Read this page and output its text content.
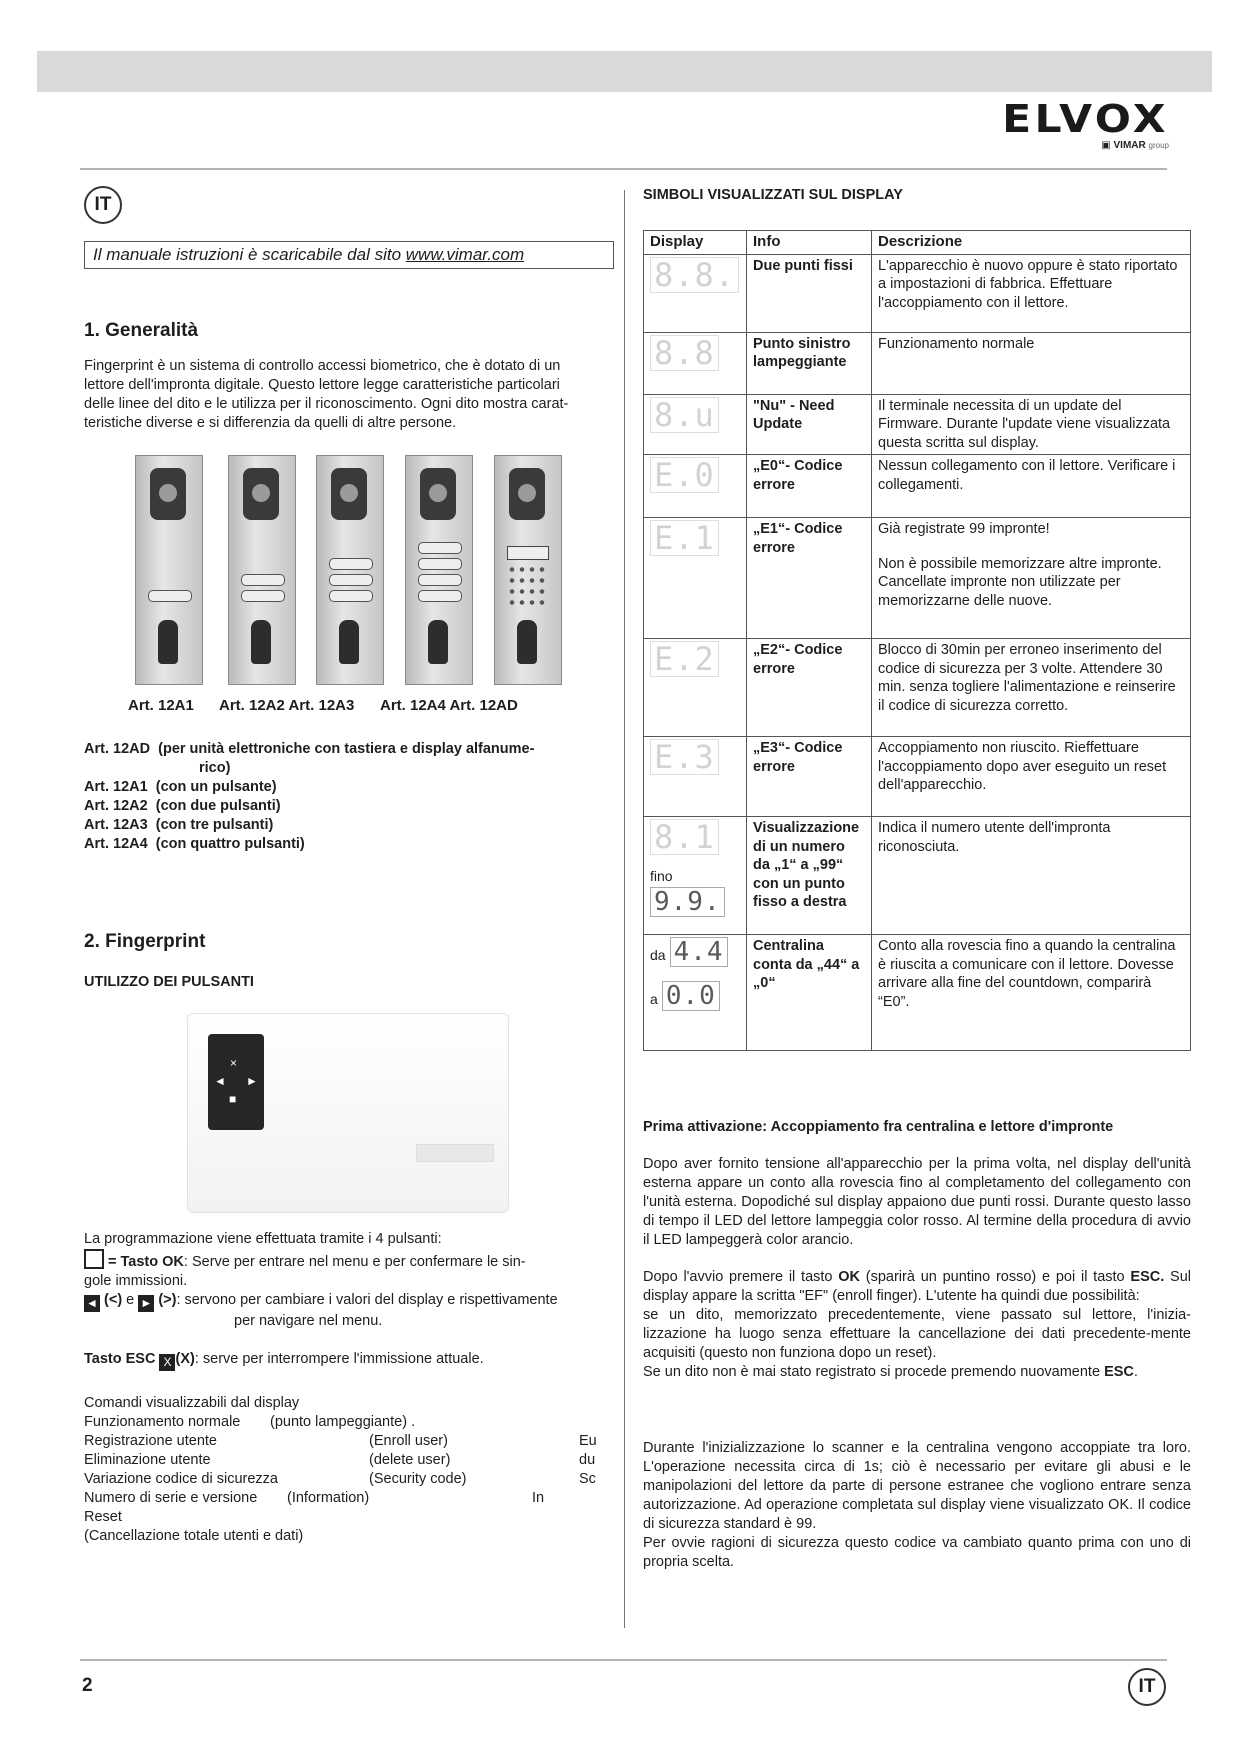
ELVOX
▣ VIMAR group
IT
Il manuale istruzioni è scaricabile dal sito www.vimar.com
1. Generalità
Fingerprint è un sistema di controllo accessi biometrico, che è dotato di un
lettore dell'impronta digitale. Questo lettore legge caratteristiche particolari
delle linee del dito e le utilizza per il riconoscimento. Ogni dito mostra carat-
teristiche diverse e si differenzia da quelli di altre persone.
Art. 12A1 Art. 12A2 Art. 12A3 Art. 12A4 Art. 12AD
Art. 12AD (per unità elettroniche con tastiera e display alfanume-
rico)
Art. 12A1 (con un pulsante)
Art. 12A2 (con due pulsanti)
Art. 12A3 (con tre pulsanti)
Art. 12A4 (con quattro pulsanti)
2. Fingerprint
UTILIZZO DEI PULSANTI
×
◄ ►
■
La programmazione viene effettuata tramite i 4 pulsanti:
= Tasto OK: Serve per entrare nel menu e per confermare le sin-
gole immissioni.
◄ (<) e ► (>): servono per cambiare i valori del display e rispettivamente
per navigare nel menu.
Tasto ESC X (X): serve per interrompere l'immissione attuale.
Comandi visualizzabili dal display
Funzionamento normale (punto lampeggiante) .
Registrazione utente	(Enroll user)	Eu
Eliminazione utente	(delete user)	du
Variazione codice di sicurezza	(Security code)	Sc
Numero di serie e versione (Information)	In
Reset
(Cancellazione totale utenti e dati)
SIMBOLI VISUALIZZATI SUL DISPLAY
Display	Info	Descrizione
8.8.	Due punti fissi	L'apparecchio è nuovo oppure è stato riportato a impostazioni di fabbrica. Effettuare l'accoppiamento con il lettore.
8.8	Punto sinistro lampeggiante	Funzionamento normale
8.u	"Nu" - Need Update	Il terminale necessita di un update del Firmware. Durante l'update viene visualizzata questa scritta sul display.
E.0	„E0“- Codice errore	Nessun collegamento con il lettore. Verificare i collegamenti.
E.1	„E1“- Codice errore	Già registrate 99 impronte!
Non è possibile memorizzare altre impronte. Cancellate impronte non utilizzate per memorizzarne delle nuove.

E.2	„E2“- Codice errore	Blocco di 30min per erroneo inserimento del codice di sicurezza per 3 volte. Attendere 30 min. senza togliere l'alimentazione e reinserire il codice di sicurezza corretto.
E.3	„E3“- Codice errore	Accoppiamento non riuscito. Rieffettuare l'accoppiamento dopo aver eseguito un reset dell'apparecchio.
8.1
fino 9.9.	Visualizzazione di un numero da „1“ a „99“ con un punto fisso a destra	Indica il numero utente dell'impronta riconosciuta.

da 4.4
a 0.0	Centralina conta da „44“ a „0“	Conto alla rovescia fino a quando la centralina è riuscita a comunicare con il lettore. Dovesse arrivare alla fine del countdown, comparirà “E0”.
Prima attivazione: Accoppiamento fra centralina e lettore d'impronte
Dopo aver fornito tensione all'apparecchio per la prima volta, nel display dell'unità esterna appare un conto alla rovescia fino al completamento del collegamento con l'unità esterna. Dopodiché sul display appaiono due punti rossi. Durante questo lasso di tempo il LED del lettore lampeggia color rosso. Al termine della procedura di avvio il LED lampeggerà color arancio.
Dopo l'avvio premere il tasto OK (sparirà un puntino rosso) e poi il tasto ESC. Sul display appare la scritta "EF" (enroll finger). L'utente ha quindi due possibilità:
se un dito, memorizzato precedentemente, viene passato sul lettore, l'inizia-lizzazione ha luogo senza effettuare la cancellazione dei dati precedente-mente acquisiti (questo non funziona dopo un reset).
Se un dito non è mai stato registrato si procede premendo nuovamente ESC.
Durante l'inizializzazione lo scanner e la centralina vengono accoppiate tra loro. L'operazione necessita circa di 1s; ciò è necessario per evitare gli abusi e le manipolazioni del lettore da parte di persone estranee che vogliono entrare senza autorizzazione. Ad operazione completata sul display viene visualizzato OK. Il codice di sicurezza standard è 99.
Per ovvie ragioni di sicurezza questo codice va cambiato quanto prima con uno di propria scelta.
2	IT
